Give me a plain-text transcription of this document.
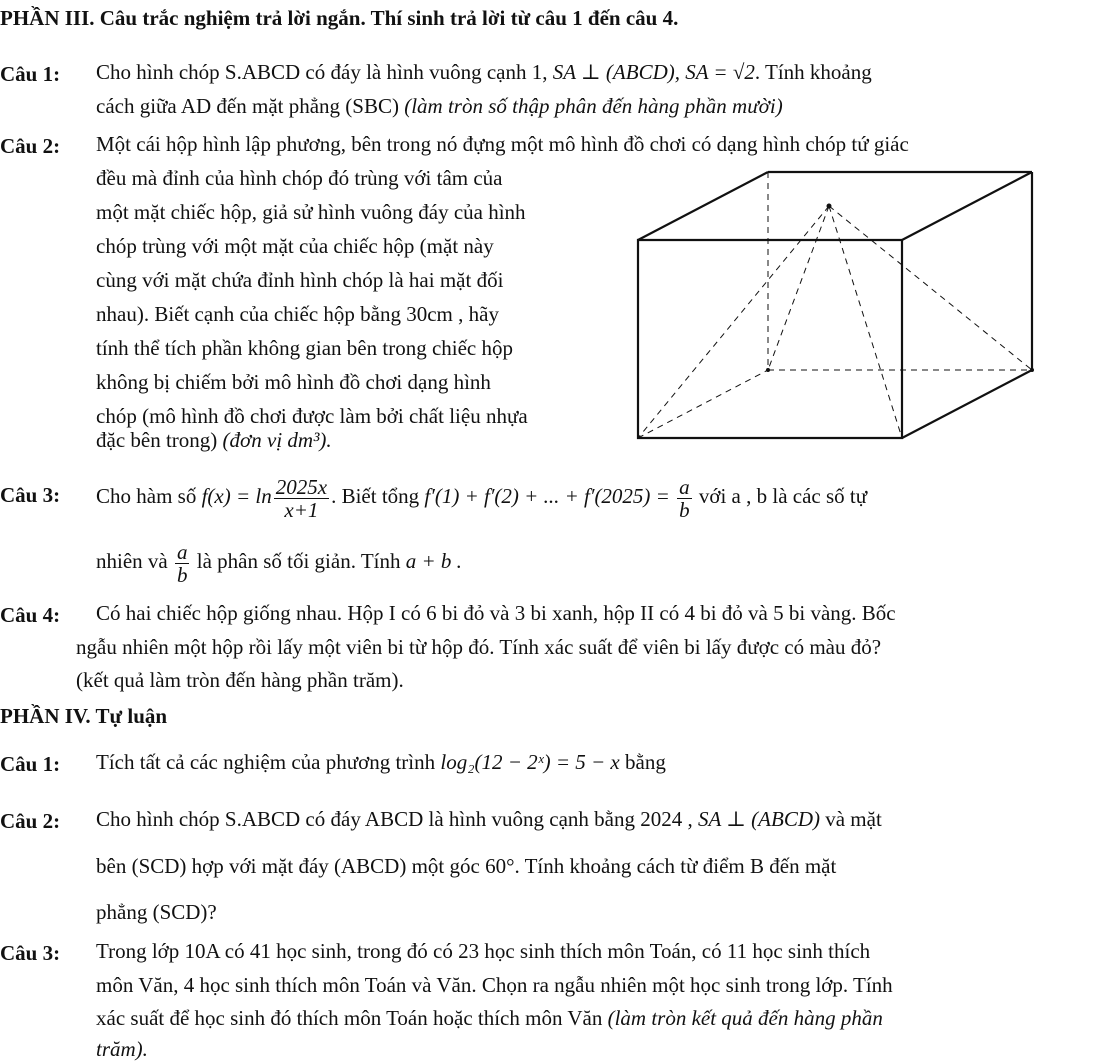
PHẦN III. Câu trắc nghiệm trả lời ngắn. Thí sinh trả lời từ câu 1 đến câu 4.
Câu 1: Cho hình chóp S.ABCD có đáy là hình vuông cạnh 1, SA ⊥ (ABCD), SA = √2. Tính khoảng
cách giữa AD đến mặt phẳng (SBC) (làm tròn số thập phân đến hàng phần mười)
Câu 2: Một cái hộp hình lập phương, bên trong nó đựng một mô hình đồ chơi có dạng hình chóp tứ giác
đều mà đỉnh của hình chóp đó trùng với tâm của
một mặt chiếc hộp, giả sử hình vuông đáy của hình
chóp trùng với một mặt của chiếc hộp (mặt này
cùng với mặt chứa đỉnh hình chóp là hai mặt đối
nhau). Biết cạnh của chiếc hộp bằng 30cm , hãy
tính thể tích phần không gian bên trong chiếc hộp
không bị chiếm bởi mô hình đồ chơi dạng hình
chóp (mô hình đồ chơi được làm bởi chất liệu nhựa
đặc bên trong) (đơn vị dm³).
Câu 3: Cho hàm số $f(x) = \ln \frac{2025x}{x+1}$ . Biết tổng f′(1) + f′(2) + ... + $f'(2025) = \frac{a}{b}$ với a , b là các số tự
nhiên và $\frac{a}{b}$ là phân số tối giản. Tính a + b .
Câu 4: Có hai chiếc hộp giống nhau. Hộp I có 6 bi đỏ và 3 bi xanh, hộp II có 4 bi đỏ và 5 bi vàng. Bốc
ngẫu nhiên một hộp rồi lấy một viên bi từ hộp đó. Tính xác suất để viên bi lấy được có màu đỏ?
(kết quả làm tròn đến hàng phần trăm).
PHẦN IV. Tự luận
Câu 1: Tích tất cả các nghiệm của phương trình log₂(12 − 2ˣ) = 5 − x bằng
Câu 2: Cho hình chóp S.ABCD có đáy ABCD là hình vuông cạnh bằng 2024 , SA ⊥ (ABCD) và mặt
bên (SCD) hợp với mặt đáy (ABCD) một góc 60°. Tính khoảng cách từ điểm B đến mặt
phẳng (SCD)?
Câu 3: Trong lớp 10A có 41 học sinh, trong đó có 23 học sinh thích môn Toán, có 11 học sinh thích
môn Văn, 4 học sinh thích môn Toán và Văn. Chọn ra ngẫu nhiên một học sinh trong lớp. Tính
xác suất để học sinh đó thích môn Toán hoặc thích môn Văn (làm tròn kết quả đến hàng phần
trăm).
